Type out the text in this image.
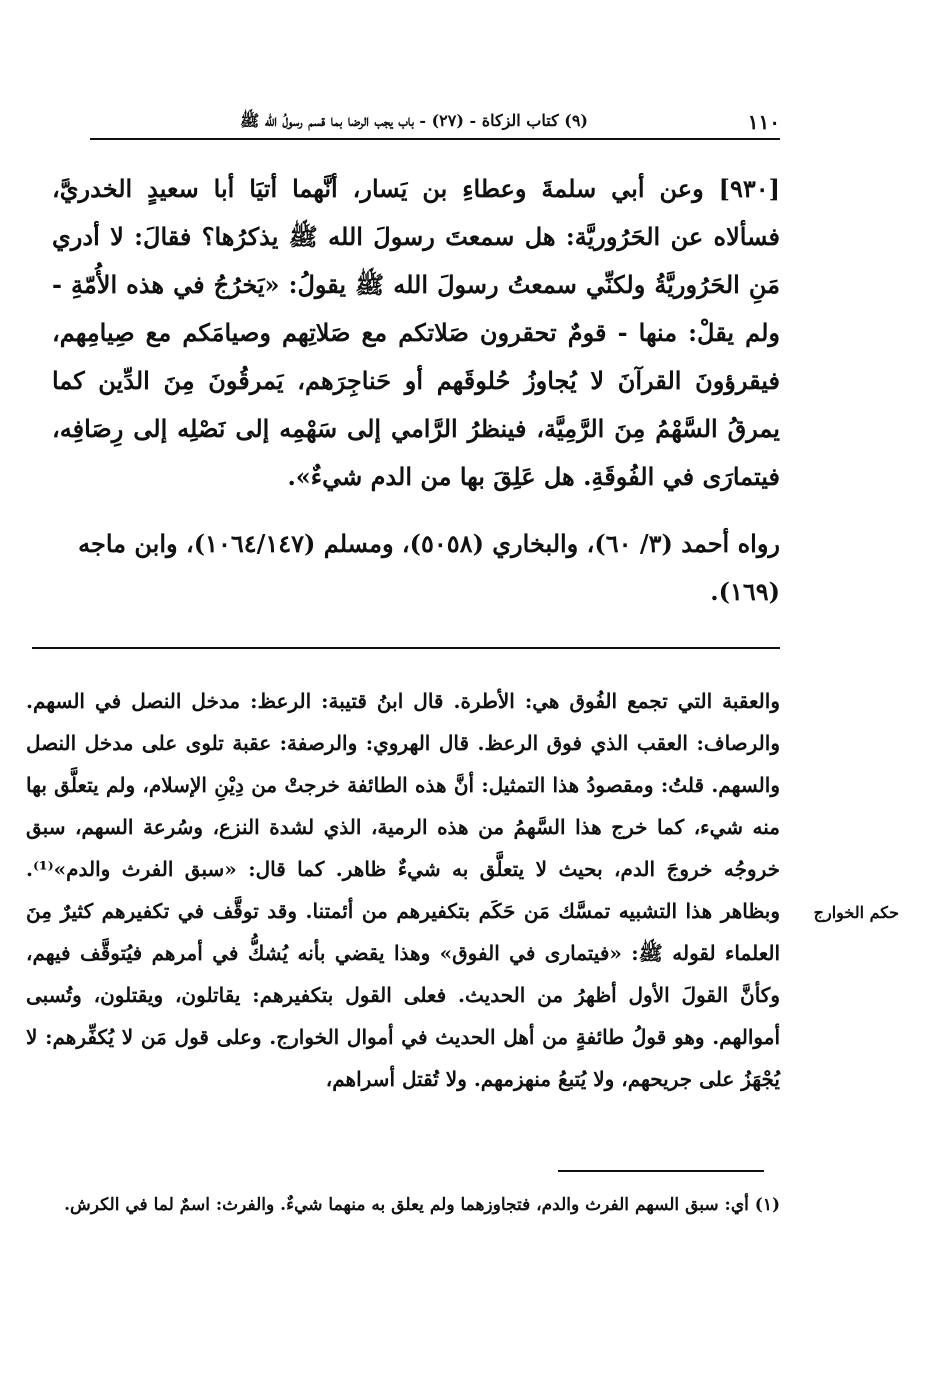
١١٠
(٩) كتاب الزكاة - (٢٧) - باب يجب الرضا بما قسم رسولُ الله ﷺ

[٩٣٠] وعن أبي سلمةَ وعطاءِ بن يَسار، أنَّهما أتيَا أبا سعيدٍ الخدريَّ، فسألاه عن الحَرُوريَّة: هل سمعتَ رسولَ الله ﷺ يذكرُها؟ فقالَ: لا أدري مَنِ الحَرُوريَّةُ ولكنِّي سمعتُ رسولَ الله ﷺ يقولُ: «يَخرُجُ في هذه الأُمّةِ - ولم يقلْ: منها - قومٌ تحقرون صَلاتكم مع صَلاتِهم وصيامَكم مع صِيامِهم، فيقرؤونَ القرآنَ لا يُجاوزُ حُلوقَهم أو حَناجِرَهم، يَمرقُونَ مِنَ الدِّين كما يمرقُ السَّهْمُ مِنَ الرَّمِيَّة، فينظرُ الرَّامي إلى سَهْمِه إلى نَصْلِه إلى رِصَافِه، فيتمارَى في الفُوقَةِ. هل عَلِقَ بها من الدم شيءٌ».

رواه أحمد (٣/ ٦٠)، والبخاري (٥٠٥٨)، ومسلم (١٠٦٤/١٤٧)، وابن ماجه (١٦٩).

والعقبة التي تجمع الفُوق هي: الأطرة. قال ابنُ قتيبة: الرعظ: مدخل النصل في السهم. والرصاف: العقب الذي فوق الرعظ. قال الهروي: والرصفة: عقبة تلوى على مدخل النصل والسهم. قلتُ: ومقصودُ هذا التمثيل: أنَّ هذه الطائفة خرجتْ من دِيْنِ الإسلام، ولم يتعلَّق بها منه شيء، كما خرج هذا السَّهمُ من هذه الرمية، الذي لشدة النزع، وسُرعة السهم، سبق خروجُه خروجَ الدم، بحيث لا يتعلَّق به شيءٌ ظاهر. كما قال: «سبق الفرث والدم»⁽¹⁾. وبظاهر هذا التشبيه تمسَّك مَن حَكَم بتكفيرهم من أئمتنا. وقد توقَّف في تكفيرهم كثيرٌ مِنَ العلماء لقوله ﷺ: «فيتمارى في الفوق» وهذا يقضي بأنه يُشكُّ في أمرهم فيُتوقَّف فيهم، وكأنَّ القولَ الأول أظهرُ من الحديث. فعلى القول بتكفيرهم: يقاتلون، ويقتلون، وتُسبى أموالهم. وهو قولُ طائفةٍ من أهل الحديث في أموال الخوارج. وعلى قول مَن لا يُكفِّرهم: لا يُجْهَزُ على جريحهم، ولا يُتبعُ منهزمهم. ولا تُقتل أسراهم،

حكم الخوارج

(١) أي: سبق السهم الفرث والدم، فتجاوزهما ولم يعلق به منهما شيءٌ. والفرث: اسمٌ لما في الكرش.
